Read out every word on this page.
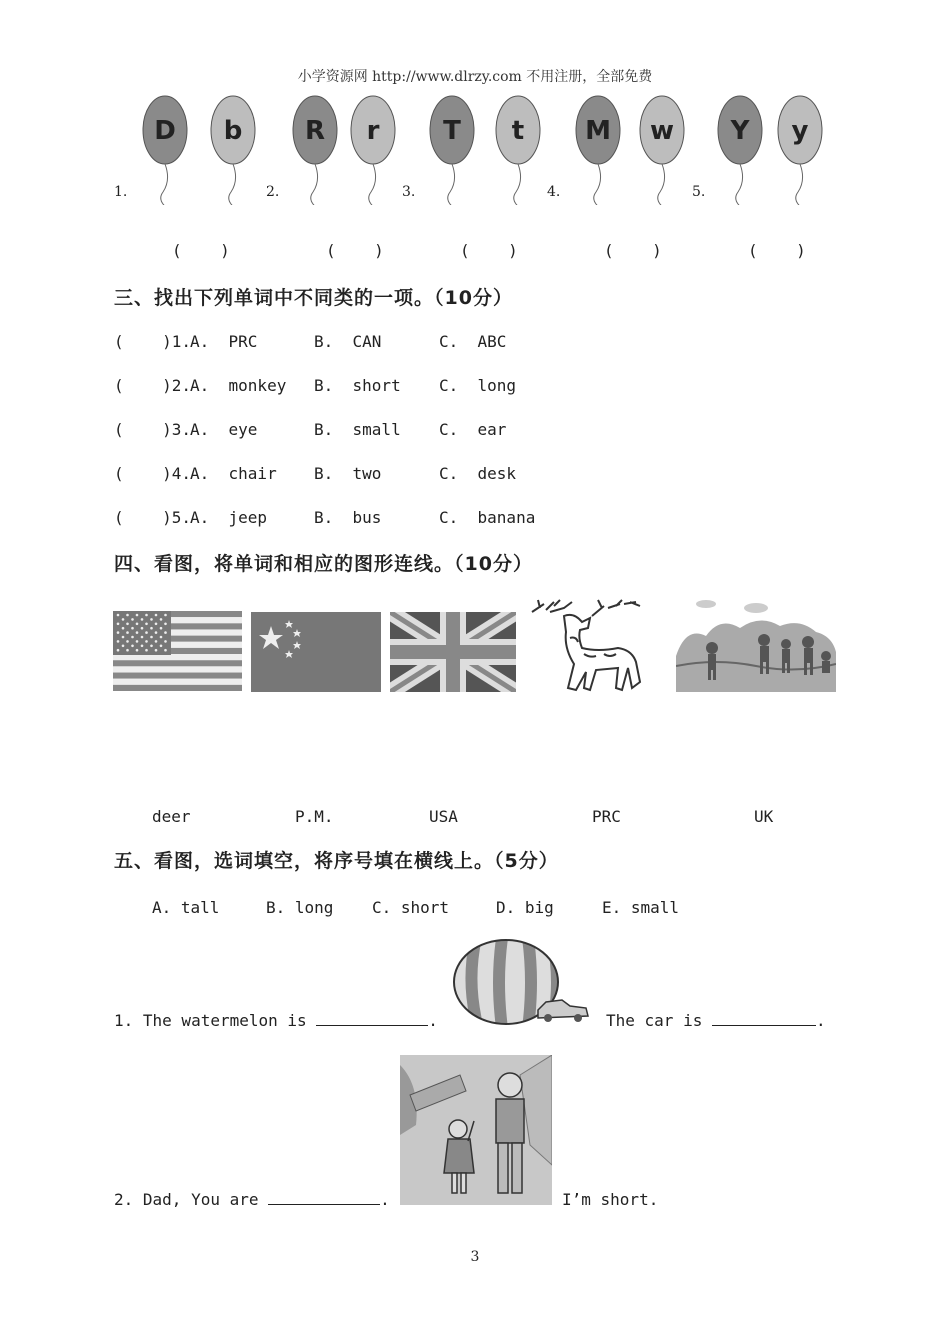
小学资源网 http://www.dlrzy.com 不用注册，全部免费
D b R r T t M w Y y
1.	2.	3.	4.	5.
(    )	(    )	(    )	(    )	(    )
三、找出下列单词中不同类的一项。（10分）
(    )1.
A.  PRC	B.  CAN	C.  ABC
(    )2.
A.  monkey B.  short C.  long
(    )3.
A.  eye	B.  small C.  ear
(    )4.
A.  chair B.  two	C.  desk
(    )5.
A.  jeep	B.  bus	C.  banana
四、看图，将单词和相应的图形连线。（10分）
deer	P.M.	USA	PRC	UK
五、看图，选词填空，将序号填在横线上。（5分）
A. tall	B. long C. short	D. big	E. small
1. The watermelon is	.	The car is	.
2. Dad, You are	.	I’m short.
3
